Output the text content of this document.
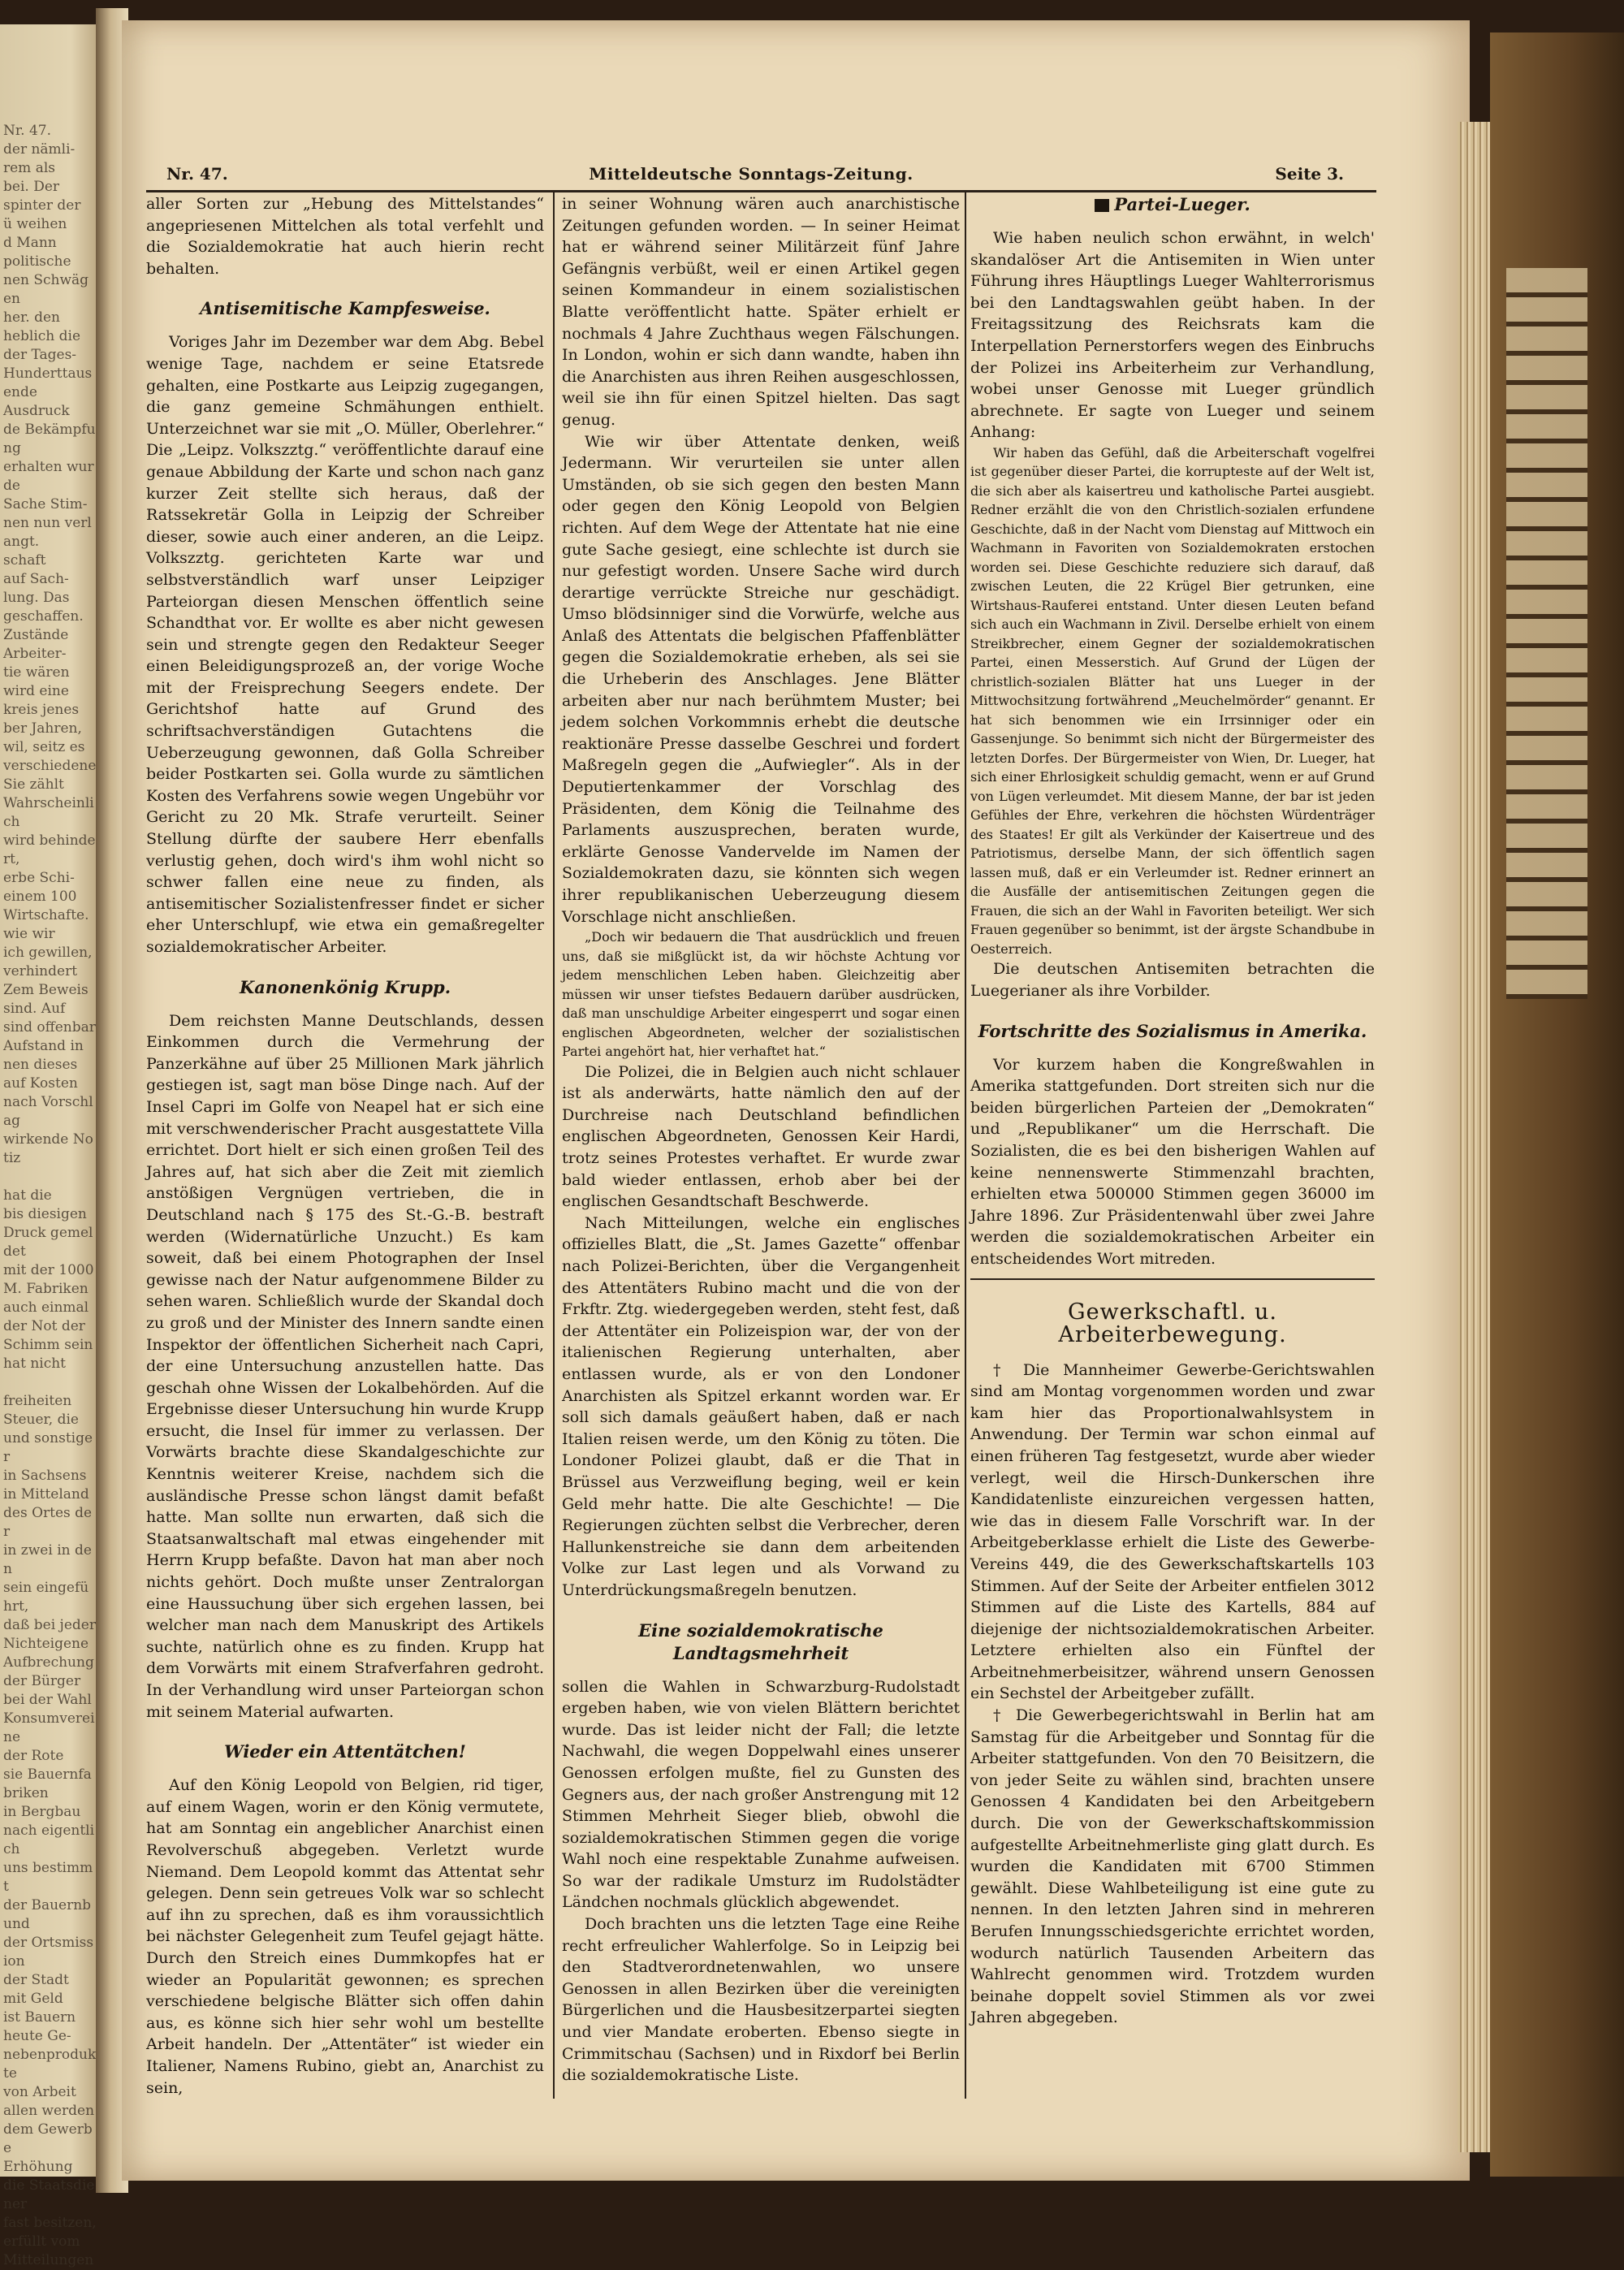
Nr. 47.
der nämli-
rem als
bei. Der
spinter der
ü weihen
d Mann
politische
nen Schwägen
her. den
heblich die
der Tages-
Hunderttausende
Ausdruck
de Bekämpfung
erhalten wurde
Sache Stim-
nen nun verlangt.
schaft
auf Sach-
lung. Das
geschaffen.
Zustände
Arbeiter-
tie wären
wird eine
kreis jenes
ber Jahren,
wil, seitz es
verschiedene
Sie zählt
Wahrscheinlich
wird behindert,
erbe Schi-
einem 100
Wirtschafte.
wie wir
ich gewillen,
verhindert
Zem Beweis
sind. Auf
sind offenbar
Aufstand in
nen dieses
auf Kosten
nach Vorschlag
wirkende Notiz

hat die
bis diesigen
Druck gemeldet
mit der 1000
M. Fabriken
auch einmal
der Not der
Schimm sein
hat nicht

freiheiten
Steuer, die
und sonstiger
in Sachsens
in Mitteland
des Ortes der
in zwei in den
sein eingeführt,
daß bei jeder
Nichteigene
Aufbrechung
der Bürger
bei der Wahl
Konsumvereine
der Rote
sie Bauernfabriken
in Bergbau
nach eigentlich
uns bestimmt
der Bauernbund
der Ortsmission
der Stadt
mit Geld
ist Bauern
heute Ge-
nebenprodukte
von Arbeit
allen werden
dem Gewerbe
Erhöhung
die Staatsdiener
fast besitzen,
erfüllt vom
Mitteilungen
Nr. 47.	Mitteldeutsche Sonntags-Zeitung.	Seite 3.

aller Sorten zur „Hebung des Mittelstandes“ angepriesenen Mittelchen als total verfehlt und die Sozialdemokratie hat auch hierin recht behalten.

Antisemitische Kampfesweise.

Voriges Jahr im Dezember war dem Abg. Bebel wenige Tage, nachdem er seine Etatsrede gehalten, eine Postkarte aus Leipzig zugegangen, die ganz gemeine Schmähungen enthielt. Unterzeichnet war sie mit „O. Müller, Oberlehrer.“ Die „Leipz. Volkszztg.“ veröffentlichte darauf eine genaue Abbildung der Karte und schon nach ganz kurzer Zeit stellte sich heraus, daß der Ratssekretär Golla in Leipzig der Schreiber dieser, sowie auch einer anderen, an die Leipz. Volkszztg. gerichteten Karte war und selbstverständlich warf unser Leipziger Parteiorgan diesen Menschen öffentlich seine Schandthat vor. Er wollte es aber nicht gewesen sein und strengte gegen den Redakteur Seeger einen Beleidigungsprozeß an, der vorige Woche mit der Freisprechung Seegers endete. Der Gerichtshof hatte auf Grund des schriftsachverständigen Gutachtens die Ueberzeugung gewonnen, daß Golla Schreiber beider Postkarten sei. Golla wurde zu sämtlichen Kosten des Verfahrens sowie wegen Ungebühr vor Gericht zu 20 Mk. Strafe verurteilt. Seiner Stellung dürfte der saubere Herr ebenfalls verlustig gehen, doch wird's ihm wohl nicht so schwer fallen eine neue zu finden, als antisemitischer Sozialistenfresser findet er sicher eher Unterschlupf, wie etwa ein gemaßregelter sozialdemokratischer Arbeiter.

Kanonenkönig Krupp.

Dem reichsten Manne Deutschlands, dessen Einkommen durch die Vermehrung der Panzerkähne auf über 25 Millionen Mark jährlich gestiegen ist, sagt man böse Dinge nach. Auf der Insel Capri im Golfe von Neapel hat er sich eine mit verschwenderischer Pracht ausgestattete Villa errichtet. Dort hielt er sich einen großen Teil des Jahres auf, hat sich aber die Zeit mit ziemlich anstößigen Vergnügen vertrieben, die in Deutschland nach § 175 des St.-G.-B. bestraft werden (Widernatürliche Unzucht.) Es kam soweit, daß bei einem Photographen der Insel gewisse nach der Natur aufgenommene Bilder zu sehen waren. Schließlich wurde der Skandal doch zu groß und der Minister des Innern sandte einen Inspektor der öffentlichen Sicherheit nach Capri, der eine Untersuchung anzustellen hatte. Das geschah ohne Wissen der Lokalbehörden. Auf die Ergebnisse dieser Untersuchung hin wurde Krupp ersucht, die Insel für immer zu verlassen. Der Vorwärts brachte diese Skandalgeschichte zur Kenntnis weiterer Kreise, nachdem sich die ausländische Presse schon längst damit befaßt hatte. Man sollte nun erwarten, daß sich die Staatsanwaltschaft mal etwas eingehender mit Herrn Krupp befaßte. Davon hat man aber noch nichts gehört. Doch mußte unser Zentralorgan eine Haussuchung über sich ergehen lassen, bei welcher man nach dem Manuskript des Artikels suchte, natürlich ohne es zu finden. Krupp hat dem Vorwärts mit einem Strafverfahren gedroht. In der Verhandlung wird unser Parteiorgan schon mit seinem Material aufwarten.

Wieder ein Attentätchen!

Auf den König Leopold von Belgien, rid tiger, auf einem Wagen, worin er den König vermutete, hat am Sonntag ein angeblicher Anarchist einen Revolverschuß abgegeben. Verletzt wurde Niemand. Dem Leopold kommt das Attentat sehr gelegen. Denn sein getreues Volk war so schlecht auf ihn zu sprechen, daß es ihm voraussichtlich bei nächster Gelegenheit zum Teufel gejagt hätte. Durch den Streich eines Dummkopfes hat er wieder an Popularität gewonnen; es sprechen verschiedene belgische Blätter sich offen dahin aus, es könne sich hier sehr wohl um bestellte Arbeit handeln. Der „Attentäter“ ist wieder ein Italiener, Namens Rubino, giebt an, Anarchist zu sein,

in seiner Wohnung wären auch anarchistische Zeitungen gefunden worden. — In seiner Heimat hat er während seiner Militärzeit fünf Jahre Gefängnis verbüßt, weil er einen Artikel gegen seinen Kommandeur in einem sozialistischen Blatte veröffentlicht hatte. Später erhielt er nochmals 4 Jahre Zuchthaus wegen Fälschungen. In London, wohin er sich dann wandte, haben ihn die Anarchisten aus ihren Reihen ausgeschlossen, weil sie ihn für einen Spitzel hielten. Das sagt genug.

Wie wir über Attentate denken, weiß Jedermann. Wir verurteilen sie unter allen Umständen, ob sie sich gegen den besten Mann oder gegen den König Leopold von Belgien richten. Auf dem Wege der Attentate hat nie eine gute Sache gesiegt, eine schlechte ist durch sie nur gefestigt worden. Unsere Sache wird durch derartige verrückte Streiche nur geschädigt. Umso blödsinniger sind die Vorwürfe, welche aus Anlaß des Attentats die belgischen Pfaffenblätter gegen die Sozialdemokratie erheben, als sei sie die Urheberin des Anschlages. Jene Blätter arbeiten aber nur nach berühmtem Muster; bei jedem solchen Vorkommnis erhebt die deutsche reaktionäre Presse dasselbe Geschrei und fordert Maßregeln gegen die „Aufwiegler“. Als in der Deputiertenkammer der Vorschlag des Präsidenten, dem König die Teilnahme des Parlaments auszusprechen, beraten wurde, erklärte Genosse Vandervelde im Namen der Sozialdemokraten dazu, sie könnten sich wegen ihrer republikanischen Ueberzeugung diesem Vorschlage nicht anschließen.

„Doch wir bedauern die That ausdrücklich und freuen uns, daß sie mißglückt ist, da wir höchste Achtung vor jedem menschlichen Leben haben. Gleichzeitig aber müssen wir unser tiefstes Bedauern darüber ausdrücken, daß man unschuldige Arbeiter eingesperrt und sogar einen englischen Abgeordneten, welcher der sozialistischen Partei angehört hat, hier verhaftet hat.“

Die Polizei, die in Belgien auch nicht schlauer ist als anderwärts, hatte nämlich den auf der Durchreise nach Deutschland befindlichen englischen Abgeordneten, Genossen Keir Hardi, trotz seines Protestes verhaftet. Er wurde zwar bald wieder entlassen, erhob aber bei der englischen Gesandtschaft Beschwerde.

Nach Mitteilungen, welche ein englisches offizielles Blatt, die „St. James Gazette“ offenbar nach Polizei-Berichten, über die Vergangenheit des Attentäters Rubino macht und die von der Frkftr. Ztg. wiedergegeben werden, steht fest, daß der Attentäter ein Polizeispion war, der von der italienischen Regierung unterhalten, aber entlassen wurde, als er von den Londoner Anarchisten als Spitzel erkannt worden war. Er soll sich damals geäußert haben, daß er nach Italien reisen werde, um den König zu töten. Die Londoner Polizei glaubt, daß er die That in Brüssel aus Verzweiflung beging, weil er kein Geld mehr hatte. Die alte Geschichte! — Die Regierungen züchten selbst die Verbrecher, deren Hallunkenstreiche sie dann dem arbeitenden Volke zur Last legen und als Vorwand zu Unterdrückungsmaßregeln benutzen.

Eine sozialdemokratische Landtagsmehrheit

sollen die Wahlen in Schwarzburg-Rudolstadt ergeben haben, wie von vielen Blättern berichtet wurde. Das ist leider nicht der Fall; die letzte Nachwahl, die wegen Doppelwahl eines unserer Genossen erfolgen mußte, fiel zu Gunsten des Gegners aus, der nach großer Anstrengung mit 12 Stimmen Mehrheit Sieger blieb, obwohl die sozialdemokratischen Stimmen gegen die vorige Wahl noch eine respektable Zunahme aufweisen. So war der radikale Umsturz im Rudolstädter Ländchen nochmals glücklich abgewendet.

Doch brachten uns die letzten Tage eine Reihe recht erfreulicher Wahlerfolge. So in Leipzig bei den Stadtverordnetenwahlen, wo unsere Genossen in allen Bezirken über die vereinigten Bürgerlichen und die Hausbesitzerpartei siegten und vier Mandate eroberten. Ebenso siegte in Crimmitschau (Sachsen) und in Rixdorf bei Berlin die sozialdemokratische Liste.

Partei-Lueger.

Wie haben neulich schon erwähnt, in welch' skandalöser Art die Antisemiten in Wien unter Führung ihres Häuptlings Lueger Wahlterrorismus bei den Landtagswahlen geübt haben. In der Freitagssitzung des Reichsrats kam die Interpellation Pernerstorfers wegen des Einbruchs der Polizei ins Arbeiterheim zur Verhandlung, wobei unser Genosse mit Lueger gründlich abrechnete. Er sagte von Lueger und seinem Anhang:

Wir haben das Gefühl, daß die Arbeiterschaft vogelfrei ist gegenüber dieser Partei, die korrupteste auf der Welt ist, die sich aber als kaisertreu und katholische Partei ausgiebt. Redner erzählt die von den Christlich-sozialen erfundene Geschichte, daß in der Nacht vom Dienstag auf Mittwoch ein Wachmann in Favoriten von Sozialdemokraten erstochen worden sei. Diese Geschichte reduziere sich darauf, daß zwischen Leuten, die 22 Krügel Bier getrunken, eine Wirtshaus-Rauferei entstand. Unter diesen Leuten befand sich auch ein Wachmann in Zivil. Derselbe erhielt von einem Streikbrecher, einem Gegner der sozialdemokratischen Partei, einen Messerstich. Auf Grund der Lügen der christlich-sozialen Blätter hat uns Lueger in der Mittwochsitzung fortwährend „Meuchelmörder“ genannt. Er hat sich benommen wie ein Irrsinniger oder ein Gassenjunge. So benimmt sich nicht der Bürgermeister des letzten Dorfes. Der Bürgermeister von Wien, Dr. Lueger, hat sich einer Ehrlosigkeit schuldig gemacht, wenn er auf Grund von Lügen verleumdet. Mit diesem Manne, der bar ist jeden Gefühles der Ehre, verkehren die höchsten Würdenträger des Staates! Er gilt als Verkünder der Kaisertreue und des Patriotismus, derselbe Mann, der sich öffentlich sagen lassen muß, daß er ein Verleumder ist. Redner erinnert an die Ausfälle der antisemitischen Zeitungen gegen die Frauen, die sich an der Wahl in Favoriten beteiligt. Wer sich Frauen gegenüber so benimmt, ist der ärgste Schandbube in Oesterreich.

Die deutschen Antisemiten betrachten die Luegerianer als ihre Vorbilder.

Fortschritte des Sozialismus in Amerika.

Vor kurzem haben die Kongreßwahlen in Amerika stattgefunden. Dort streiten sich nur die beiden bürgerlichen Parteien der „Demokraten“ und „Republikaner“ um die Herrschaft. Die Sozialisten, die es bei den bisherigen Wahlen auf keine nennenswerte Stimmenzahl brachten, erhielten etwa 500000 Stimmen gegen 36000 im Jahre 1896. Zur Präsidentenwahl über zwei Jahre werden die sozialdemokratischen Arbeiter ein entscheidendes Wort mitreden.

Gewerkschaftl. u. Arbeiterbewegung.

† Die Mannheimer Gewerbe-Gerichtswahlen sind am Montag vorgenommen worden und zwar kam hier das Proportionalwahlsystem in Anwendung. Der Termin war schon einmal auf einen früheren Tag festgesetzt, wurde aber wieder verlegt, weil die Hirsch-Dunkerschen ihre Kandidatenliste einzureichen vergessen hatten, wie das in diesem Falle Vorschrift war. In der Arbeitgeberklasse erhielt die Liste des Gewerbe-Vereins 449, die des Gewerkschaftskartells 103 Stimmen. Auf der Seite der Arbeiter entfielen 3012 Stimmen auf die Liste des Kartells, 884 auf diejenige der nichtsozialdemokratischen Arbeiter. Letztere erhielten also ein Fünftel der Arbeitnehmerbeisitzer, während unsern Genossen ein Sechstel der Arbeitgeber zufällt.

† Die Gewerbegerichtswahl in Berlin hat am Samstag für die Arbeitgeber und Sonntag für die Arbeiter stattgefunden. Von den 70 Beisitzern, die von jeder Seite zu wählen sind, brachten unsere Genossen 4 Kandidaten bei den Arbeitgebern durch. Die von der Gewerkschaftskommission aufgestellte Arbeitnehmerliste ging glatt durch. Es wurden die Kandidaten mit 6700 Stimmen gewählt. Diese Wahlbeteiligung ist eine gute zu nennen. In den letzten Jahren sind in mehreren Berufen Innungsschiedsgerichte errichtet worden, wodurch natürlich Tausenden Arbeitern das Wahlrecht genommen wird. Trotzdem wurden beinahe doppelt soviel Stimmen als vor zwei Jahren abgegeben.
